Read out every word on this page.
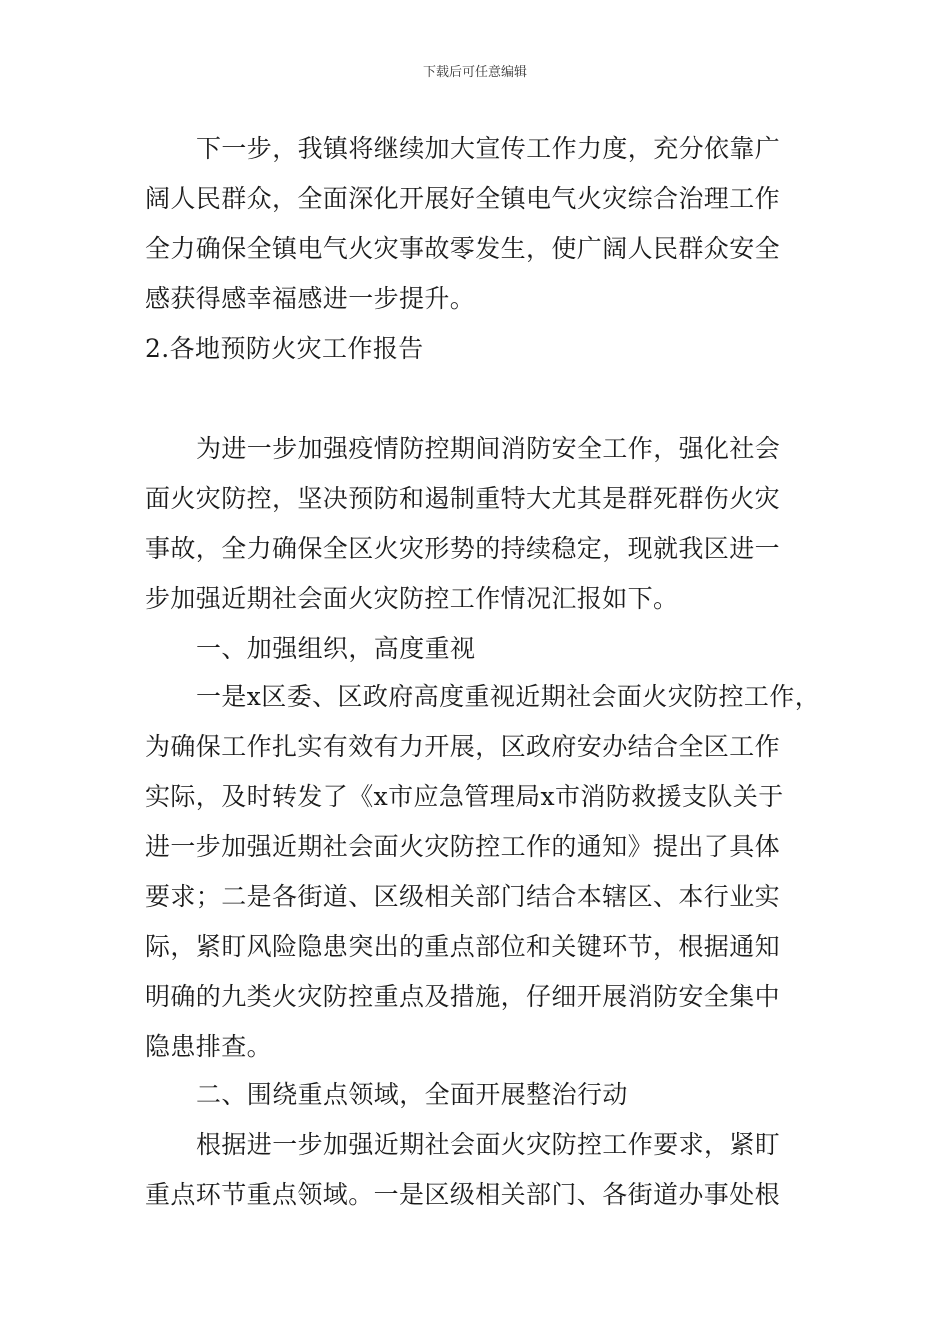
下载后可任意编辑
下一步，我镇将继续加大宣传工作力度，充分依靠广
阔人民群众，全面深化开展好全镇电气火灾综合治理工作
全力确保全镇电气火灾事故零发生，使广阔人民群众安全
感获得感幸福感进一步提升。
2.各地预防火灾工作报告
为进一步加强疫情防控期间消防安全工作，强化社会
面火灾防控，坚决预防和遏制重特大尤其是群死群伤火灾
事故，全力确保全区火灾形势的持续稳定，现就我区进一
步加强近期社会面火灾防控工作情况汇报如下。
一、加强组织，高度重视
一是x区委、区政府高度重视近期社会面火灾防控工作，
为确保工作扎实有效有力开展，区政府安办结合全区工作
实际，及时转发了《x市应急管理局x市消防救援支队关于
进一步加强近期社会面火灾防控工作的通知》提出了具体
要求；二是各街道、区级相关部门结合本辖区、本行业实
际，紧盯风险隐患突出的重点部位和关键环节，根据通知
明确的九类火灾防控重点及措施，仔细开展消防安全集中
隐患排查。
二、围绕重点领域，全面开展整治行动
根据进一步加强近期社会面火灾防控工作要求，紧盯
重点环节重点领域。一是区级相关部门、各街道办事处根
